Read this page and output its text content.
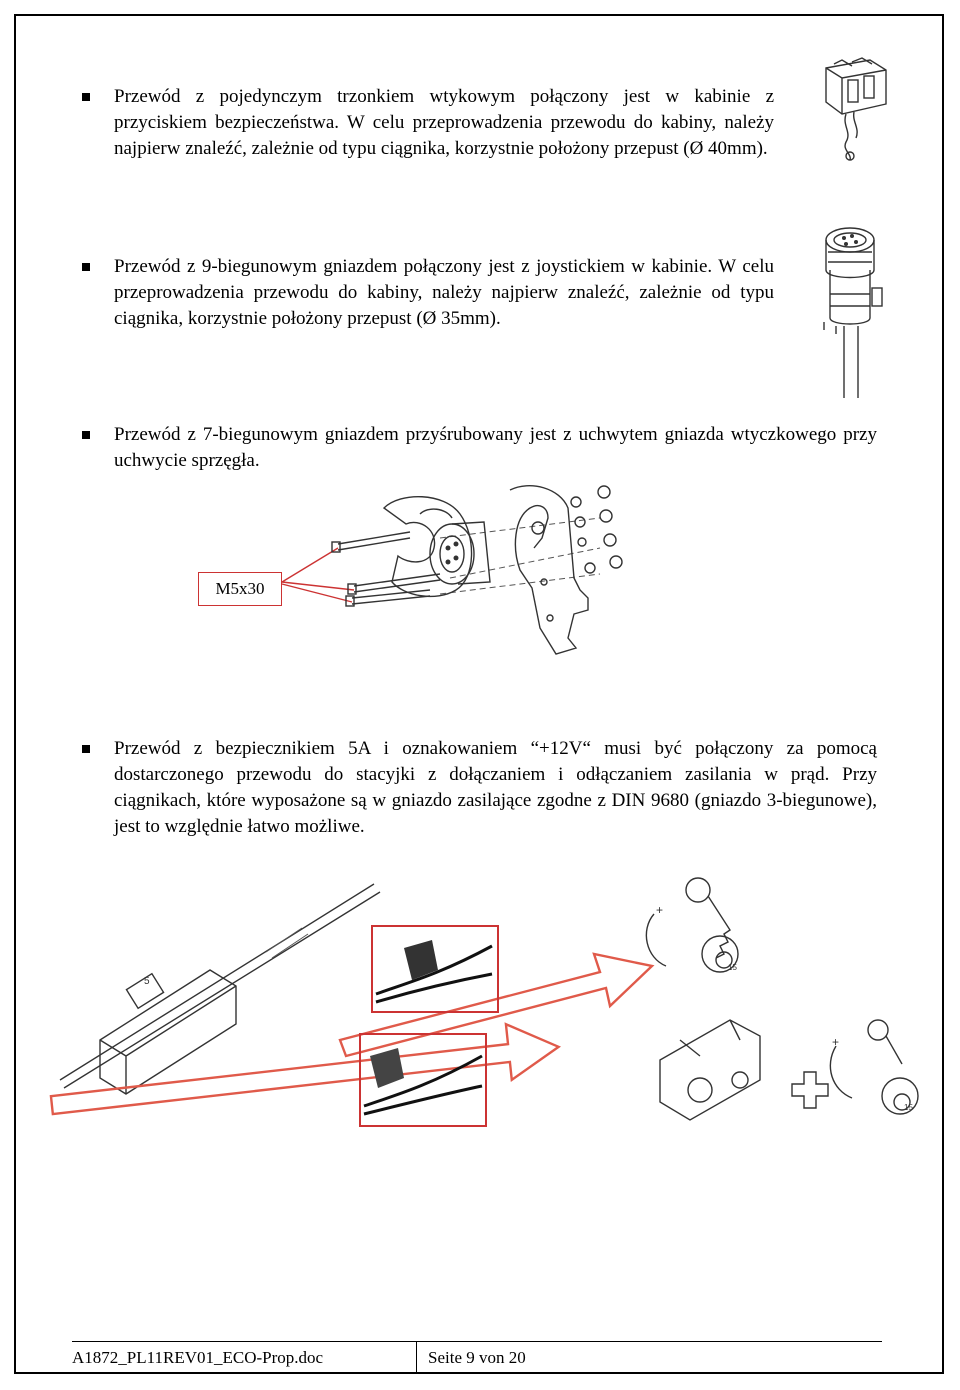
Przewód z pojedynczym trzonkiem wtykowym połączony jest w kabinie z przyciskiem bezpieczeństwa. W celu przeprowadzenia przewodu do kabiny, należy najpierw znaleźć, zależnie od typu ciągnika, korzystnie położony przepust (Ø 40mm).
Przewód z 9-biegunowym gniazdem połączony jest z joystickiem w kabinie. W celu przeprowadzenia przewodu do kabiny, należy najpierw znaleźć, zależnie od typu ciągnika, korzystnie położony przepust (Ø 35mm).
Przewód z 7-biegunowym gniazdem przyśrubowany jest z uchwytem gniazda wtyczkowego przy uchwycie sprzęgła.
Przewód z bezpiecznikiem 5A i oznakowaniem “+12V“ musi być połączony za pomocą dostarczonego przewodu do stacyjki z dołączaniem i odłączaniem zasilania w prąd. Przy ciągnikach, które wyposażone są w gniazdo zasilające zgodne z DIN 9680 (gniazdo 3-biegunowe), jest to względnie łatwo możliwe.
M5x30
5
+
15
+
15
A1872_PL11REV01_ECO-Prop.doc	Seite 9 von 20
